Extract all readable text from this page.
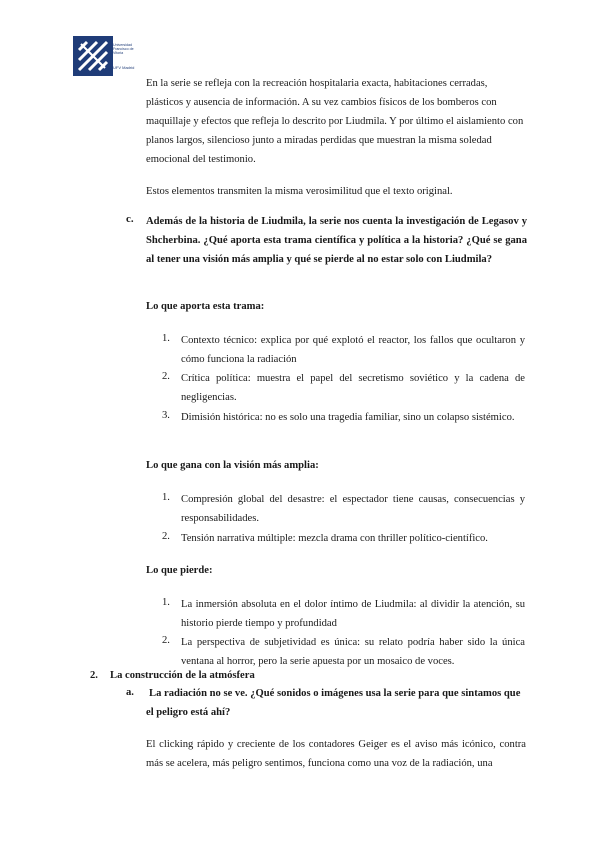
Universidad
Francisco de
Vitoria
UFV Madrid

En la serie se refleja con la recreación hospitalaria exacta, habitaciones cerradas, plásticos y ausencia de información. A su vez cambios físicos de los bomberos con maquillaje y efectos que refleja lo descrito por Liudmila. Y por último el aislamiento con planos largos, silencioso junto a miradas perdidas que muestran la misma soledad emocional del testimonio.

Estos elementos transmiten la misma verosimilitud que el texto original.

c. Además de la historia de Liudmila, la serie nos cuenta la investigación de Legasov y Shcherbina. ¿Qué aporta esta trama científica y política a la historia? ¿Qué se gana al tener una visión más amplia y qué se pierde al no estar solo con Liudmila?

Lo que aporta esta trama:
1. Contexto técnico: explica por qué explotó el reactor, los fallos que ocultaron y cómo funciona la radiación

2. Crítica política: muestra el papel del secretismo soviético y la cadena de negligencias.

3. Dimisión histórica: no es solo una tragedia familiar, sino un colapso sistémico.

Lo que gana con la visión más amplia:
1. Compresión global del desastre: el espectador tiene causas, consecuencias y responsabilidades.

2. Tensión narrativa múltiple: mezcla drama con thriller político-científico.

Lo que pierde:
1. La inmersión absoluta en el dolor íntimo de Liudmila: al dividir la atención, su historio pierde tiempo y profundidad

2. La perspectiva de subjetividad es única: su relato podría haber sido la única ventana al horror, pero la serie apuesta por un mosaico de voces.

2. La construcción de la atmósfera
a. La radiación no se ve. ¿Qué sonidos o imágenes usa la serie para que sintamos que el peligro está ahí?

El clicking rápido y creciente de los contadores Geiger es el aviso más icónico, contra más se acelera, más peligro sentimos, funciona como una voz de la radiación, una
